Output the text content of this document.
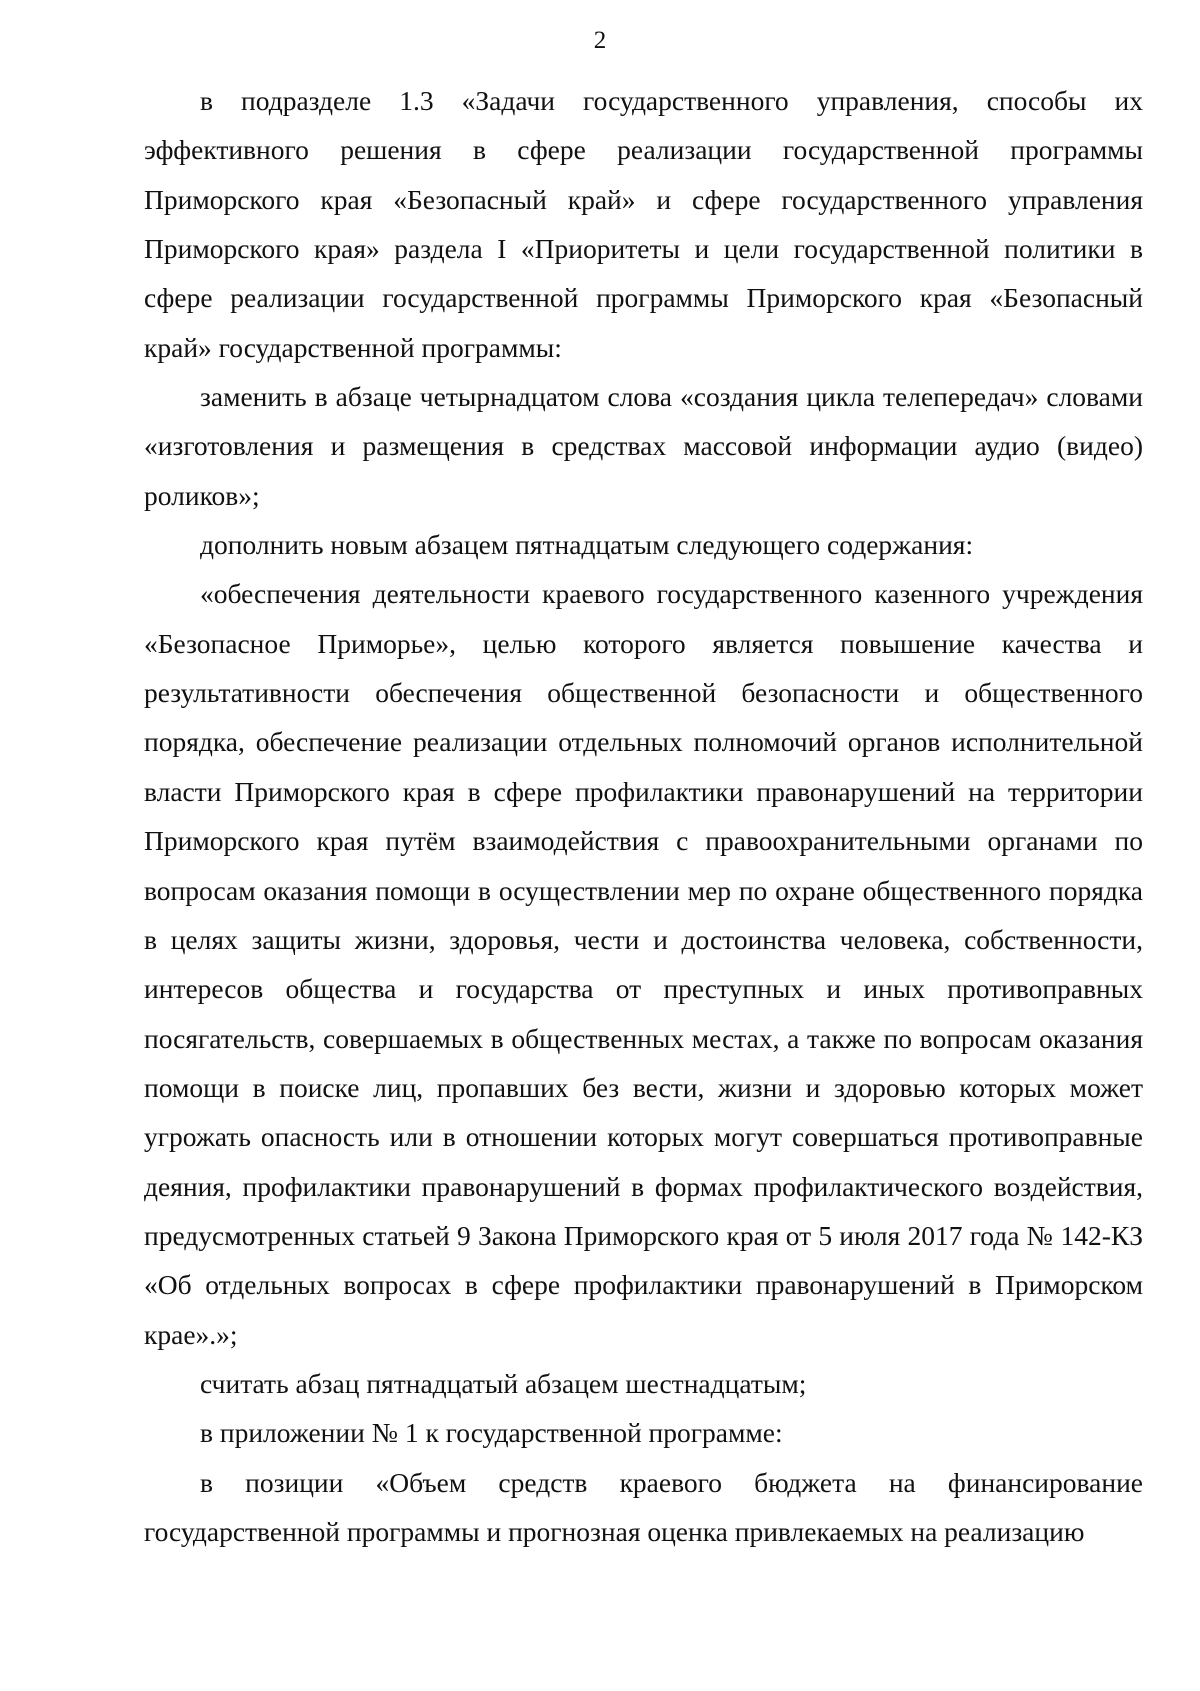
2

в подразделе 1.3 «Задачи государственного управления, способы их эффективного решения в сфере реализации государственной программы Приморского края «Безопасный край» и сфере государственного управления Приморского края» раздела I «Приоритеты и цели государственной политики в сфере реализации государственной программы Приморского края «Безопасный край» государственной программы:

заменить в абзаце четырнадцатом слова «создания цикла телепередач» словами «изготовления и размещения в средствах массовой информации аудио (видео) роликов»;

дополнить новым абзацем пятнадцатым следующего содержания:

«обеспечения деятельности краевого государственного казенного учреждения «Безопасное Приморье», целью которого является повышение качества и результативности обеспечения общественной безопасности и общественного порядка, обеспечение реализации отдельных полномочий органов исполнительной власти Приморского края в сфере профилактики правонарушений на территории Приморского края путём взаимодействия с правоохранительными органами по вопросам оказания помощи в осуществлении мер по охране общественного порядка в целях защиты жизни, здоровья, чести и достоинства человека, собственности, интересов общества и государства от преступных и иных противоправных посягательств, совершаемых в общественных местах, а также по вопросам оказания помощи в поиске лиц, пропавших без вести, жизни и здоровью которых может угрожать опасность или в отношении которых могут совершаться противоправные деяния, профилактики правонарушений в формах профилактического воздействия, предусмотренных статьей 9 Закона Приморского края от 5 июля 2017 года № 142-КЗ «Об отдельных вопросах в сфере профилактики правонарушений в Приморском крае».»;

считать абзац пятнадцатый абзацем шестнадцатым;

в приложении № 1 к государственной программе:

в позиции «Объем средств краевого бюджета на финансирование государственной программы и прогнозная оценка привлекаемых на реализацию
